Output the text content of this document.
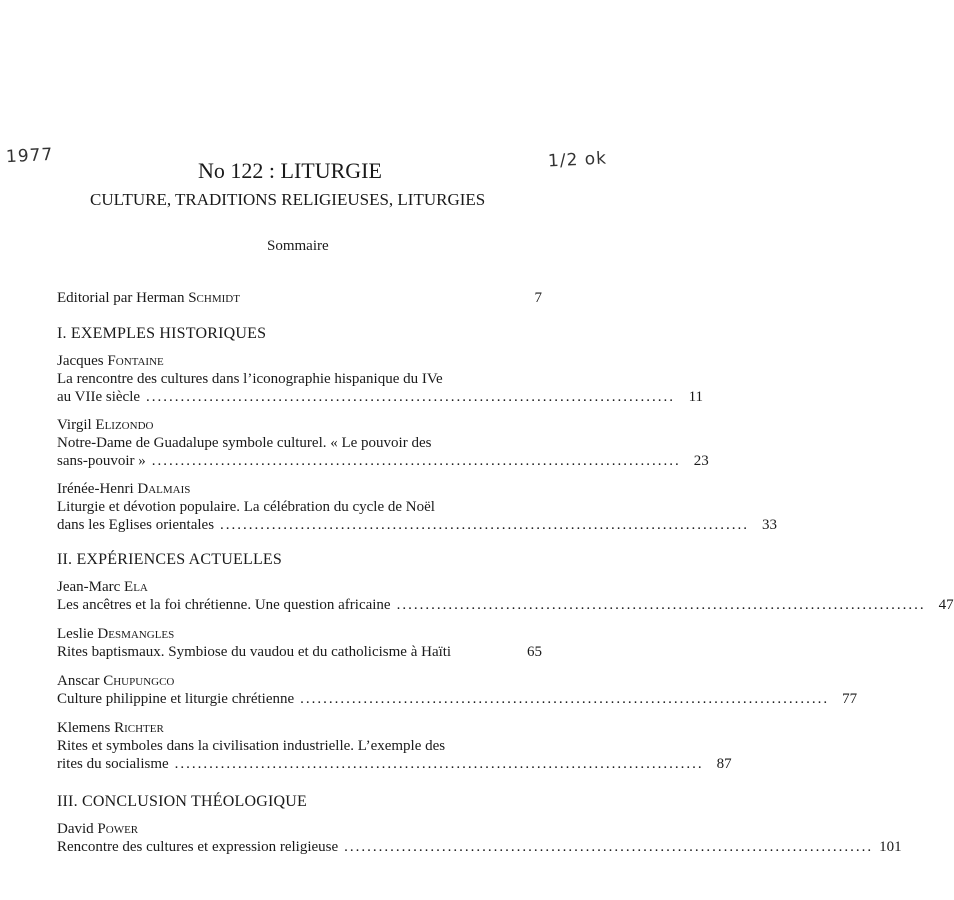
1977	1/2 ok
No 122 : LITURGIE
CULTURE, TRADITIONS RELIGIEUSES, LITURGIES
Sommaire
Editorial par Herman Schmidt	7
I. EXEMPLES HISTORIQUES
Jacques Fontaine
La rencontre des cultures dans l’iconographie hispanique du IVe
au VIIe siècle ............................................................................................ 11
Virgil Elizondo
Notre-Dame de Guadalupe symbole culturel. « Le pouvoir des
sans-pouvoir » ............................................................................................ 23
Irénée-Henri Dalmais
Liturgie et dévotion populaire. La célébration du cycle de Noël
dans les Eglises orientales ............................................................................................ 33
II. EXPÉRIENCES ACTUELLES
Jean-Marc Ela
Les ancêtres et la foi chrétienne. Une question africaine ............................................................................................ 47
Leslie Desmangles
Rites baptismaux. Symbiose du vaudou et du catholicisme à Haïti	65
Anscar Chupungco
Culture philippine et liturgie chrétienne ............................................................................................ 77
Klemens Richter
Rites et symboles dans la civilisation industrielle. L’exemple des
rites du socialisme ............................................................................................ 87
III. CONCLUSION THÉOLOGIQUE
David Power
Rencontre des cultures et expression religieuse ............................................................................................ 101
